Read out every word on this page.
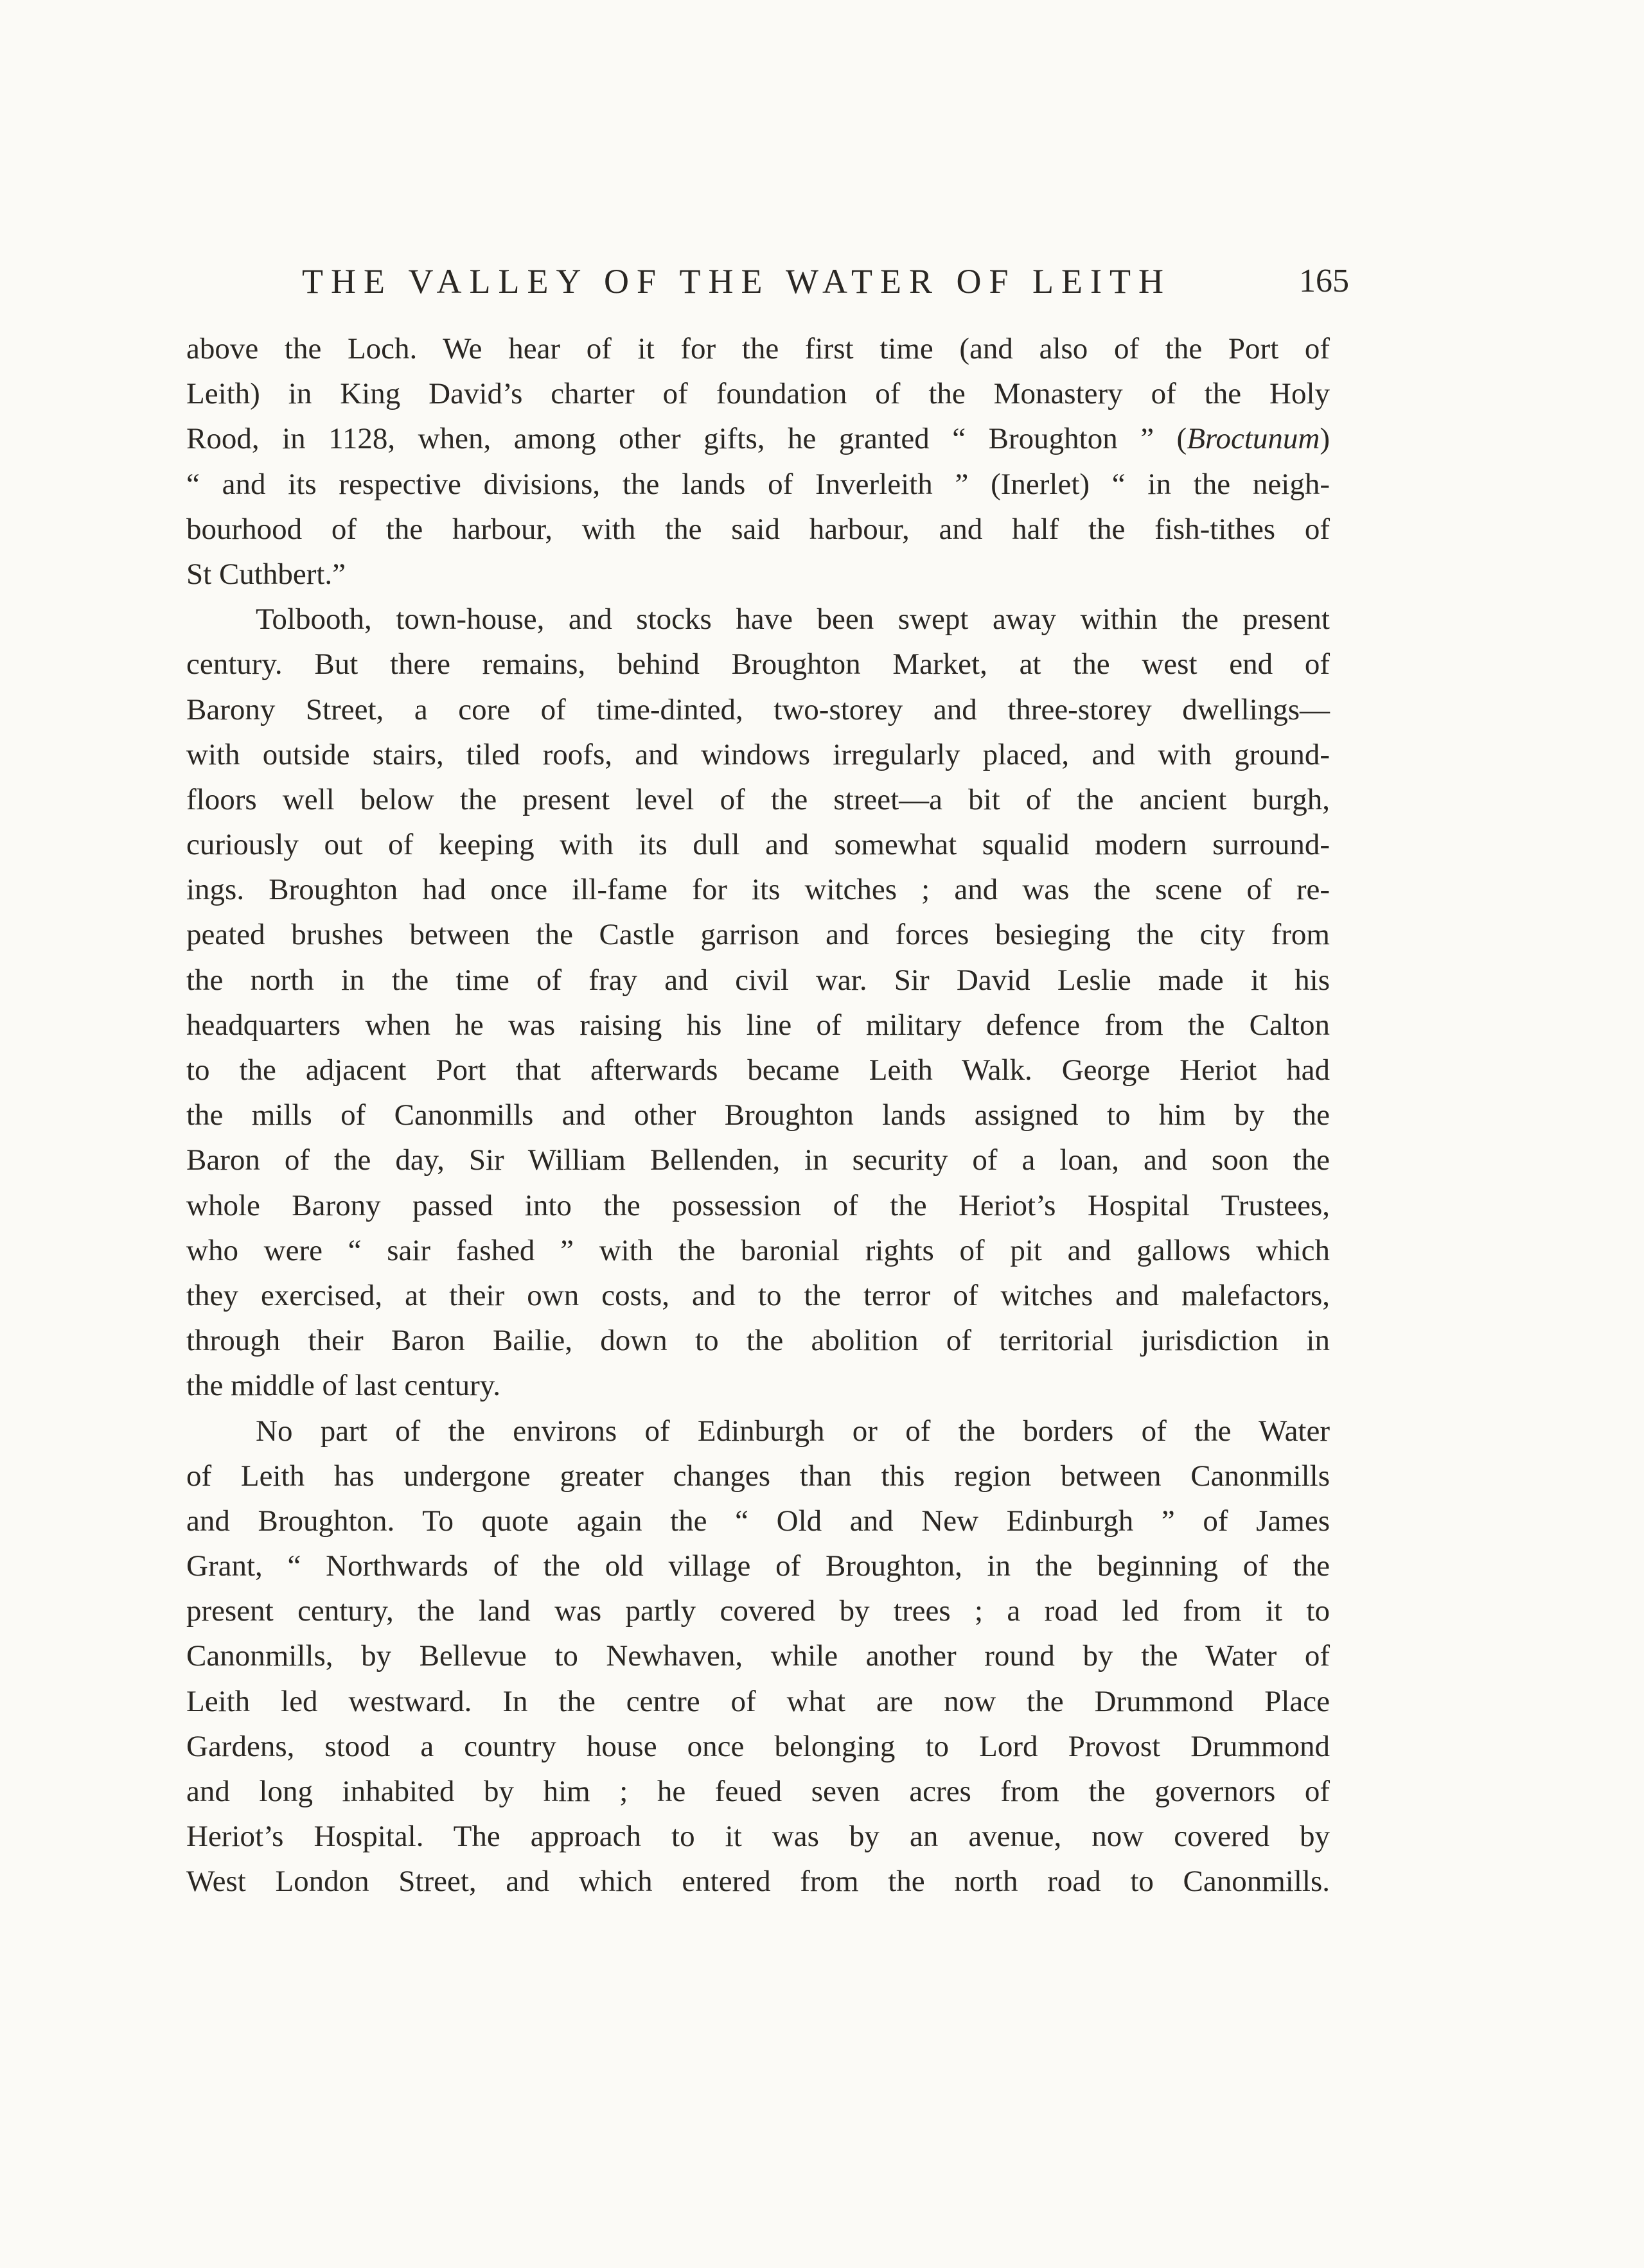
THE VALLEY OF THE WATER OF LEITH	165
above the Loch. We hear of it for the first time (and also of the Port of
Leith) in King David’s charter of foundation of the Monastery of the Holy
Rood, in 1128, when, among other gifts, he granted “ Broughton ” (Broctunum)
“ and its respective divisions, the lands of Inverleith ” (Inerlet) “ in the neigh-
bourhood of the harbour, with the said harbour, and half the fish-tithes of
St Cuthbert.”
Tolbooth, town-house, and stocks have been swept away within the present
century. But there remains, behind Broughton Market, at the west end of
Barony Street, a core of time-dinted, two-storey and three-storey dwellings—
with outside stairs, tiled roofs, and windows irregularly placed, and with ground-
floors well below the present level of the street—a bit of the ancient burgh,
curiously out of keeping with its dull and somewhat squalid modern surround-
ings. Broughton had once ill-fame for its witches ; and was the scene of re-
peated brushes between the Castle garrison and forces besieging the city from
the north in the time of fray and civil war. Sir David Leslie made it his
headquarters when he was raising his line of military defence from the Calton
to the adjacent Port that afterwards became Leith Walk. George Heriot had
the mills of Canonmills and other Broughton lands assigned to him by the
Baron of the day, Sir William Bellenden, in security of a loan, and soon the
whole Barony passed into the possession of the Heriot’s Hospital Trustees,
who were “ sair fashed ” with the baronial rights of pit and gallows which
they exercised, at their own costs, and to the terror of witches and malefactors,
through their Baron Bailie, down to the abolition of territorial jurisdiction in
the middle of last century.
No part of the environs of Edinburgh or of the borders of the Water
of Leith has undergone greater changes than this region between Canonmills
and Broughton. To quote again the “ Old and New Edinburgh ” of James
Grant, “ Northwards of the old village of Broughton, in the beginning of the
present century, the land was partly covered by trees ; a road led from it to
Canonmills, by Bellevue to Newhaven, while another round by the Water of
Leith led westward. In the centre of what are now the Drummond Place
Gardens, stood a country house once belonging to Lord Provost Drummond
and long inhabited by him ; he feued seven acres from the governors of
Heriot’s Hospital. The approach to it was by an avenue, now covered by
West London Street, and which entered from the north road to Canonmills.
